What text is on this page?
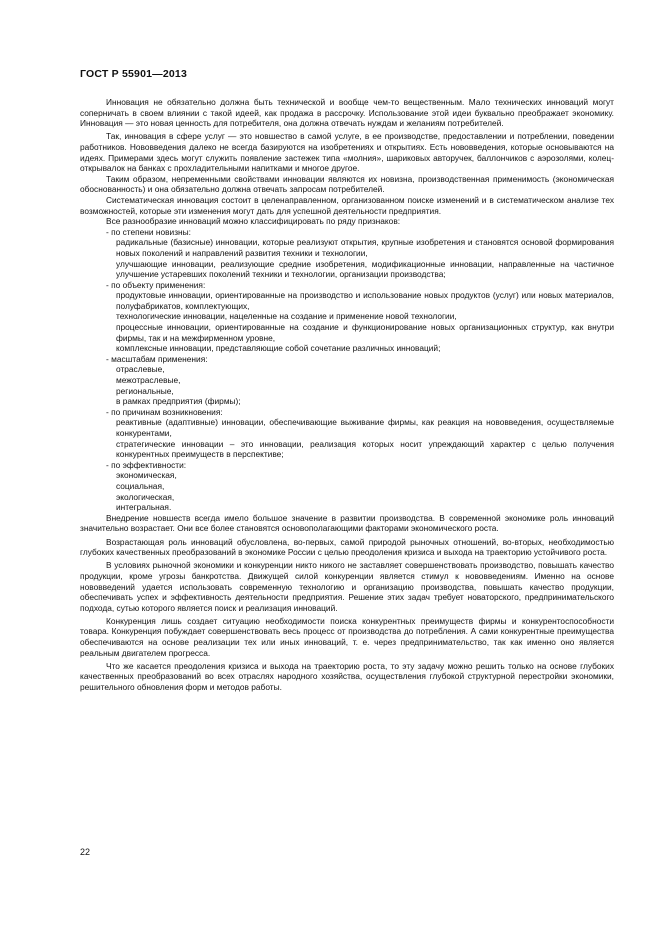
ГОСТ Р 55901—2013

Инновация не обязательно должна быть технической и вообще чем-то вещественным. Мало технических инноваций могут соперничать в своем влиянии с такой идеей, как продажа в рассрочку. Использование этой идеи буквально преображает экономику. Инновация — это новая ценность для потребителя, она должна отвечать нуждам и желаниям потребителей.

Так, инновация в сфере услуг — это новшество в самой услуге, в ее производстве, предоставлении и потреблении, поведении работников. Нововведения далеко не всегда базируются на изобретениях и открытиях. Есть нововведения, которые основываются на идеях. Примерами здесь могут служить появление застежек типа «молния», шариковых авторучек, баллончиков с аэрозолями, колец-открывалок на банках с прохладительными напитками и многое другое.

Таким образом, непременными свойствами инновации являются их новизна, производственная применимость (экономическая обоснованность) и она обязательно должна отвечать запросам потребителей.

Систематическая инновация состоит в целенаправленном, организованном поиске изменений и в систематическом анализе тех возможностей, которые эти изменения могут дать для успешной деятельности предприятия.

Все разнообразие инноваций можно классифицировать по ряду признаков:

- по степени новизны:

радикальные (базисные) инновации, которые реализуют открытия, крупные изобретения и становятся основой формирования новых поколений и направлений развития техники и технологии,

улучшающие инновации, реализующие средние изобретения, модификационные инновации, направленные на частичное улучшение устаревших поколений техники и технологии, организации производства;

- по объекту применения:

продуктовые инновации, ориентированные на производство и использование новых продуктов (услуг) или новых материалов, полуфабрикатов, комплектующих,

технологические инновации, нацеленные на создание и применение новой технологии,

процессные инновации, ориентированные на создание и функционирование новых организационных структур, как внутри фирмы, так и на межфирменном уровне,

комплексные инновации, представляющие собой сочетание различных инноваций;

- масштабам применения:

отраслевые,

межотраслевые,

региональные,

в рамках предприятия (фирмы);

- по причинам возникновения:

реактивные (адаптивные) инновации, обеспечивающие выживание фирмы, как реакция на нововведения, осуществляемые конкурентами,

стратегические инновации – это инновации, реализация которых носит упреждающий характер с целью получения конкурентных преимуществ в перспективе;

- по эффективности:

экономическая,

социальная,

экологическая,

интегральная.

Внедрение новшеств всегда имело большое значение в развитии производства. В современной экономике роль инноваций значительно возрастает. Они все более становятся основополагающими факторами экономического роста.

Возрастающая роль инноваций обусловлена, во-первых, самой природой рыночных отношений, во-вторых, необходимостью глубоких качественных преобразований в экономике России с целью преодоления кризиса и выхода на траекторию устойчивого роста.

В условиях рыночной экономики и конкуренции никто никого не заставляет совершенствовать производство, повышать качество продукции, кроме угрозы банкротства. Движущей силой конкуренции является стимул к нововведениям. Именно на основе нововведений удается использовать современную технологию и организацию производства, повышать качество продукции, обеспечивать успех и эффективность деятельности предприятия. Решение этих задач требует новаторского, предпринимательского подхода, сутью которого является поиск и реализация инноваций.

Конкуренция лишь создает ситуацию необходимости поиска конкурентных преимуществ фирмы и конкурентоспособности товара. Конкуренция побуждает совершенствовать весь процесс от производства до потребления. А сами конкурентные преимущества обеспечиваются на основе реализации тех или иных инноваций, т. е. через предпринимательство, так как именно оно является реальным двигателем прогресса.

Что же касается преодоления кризиса и выхода на траекторию роста, то эту задачу можно решить только на основе глубоких качественных преобразований во всех отраслях народного хозяйства, осуществления глубокой структурной перестройки экономики, решительного обновления форм и методов работы.

22
